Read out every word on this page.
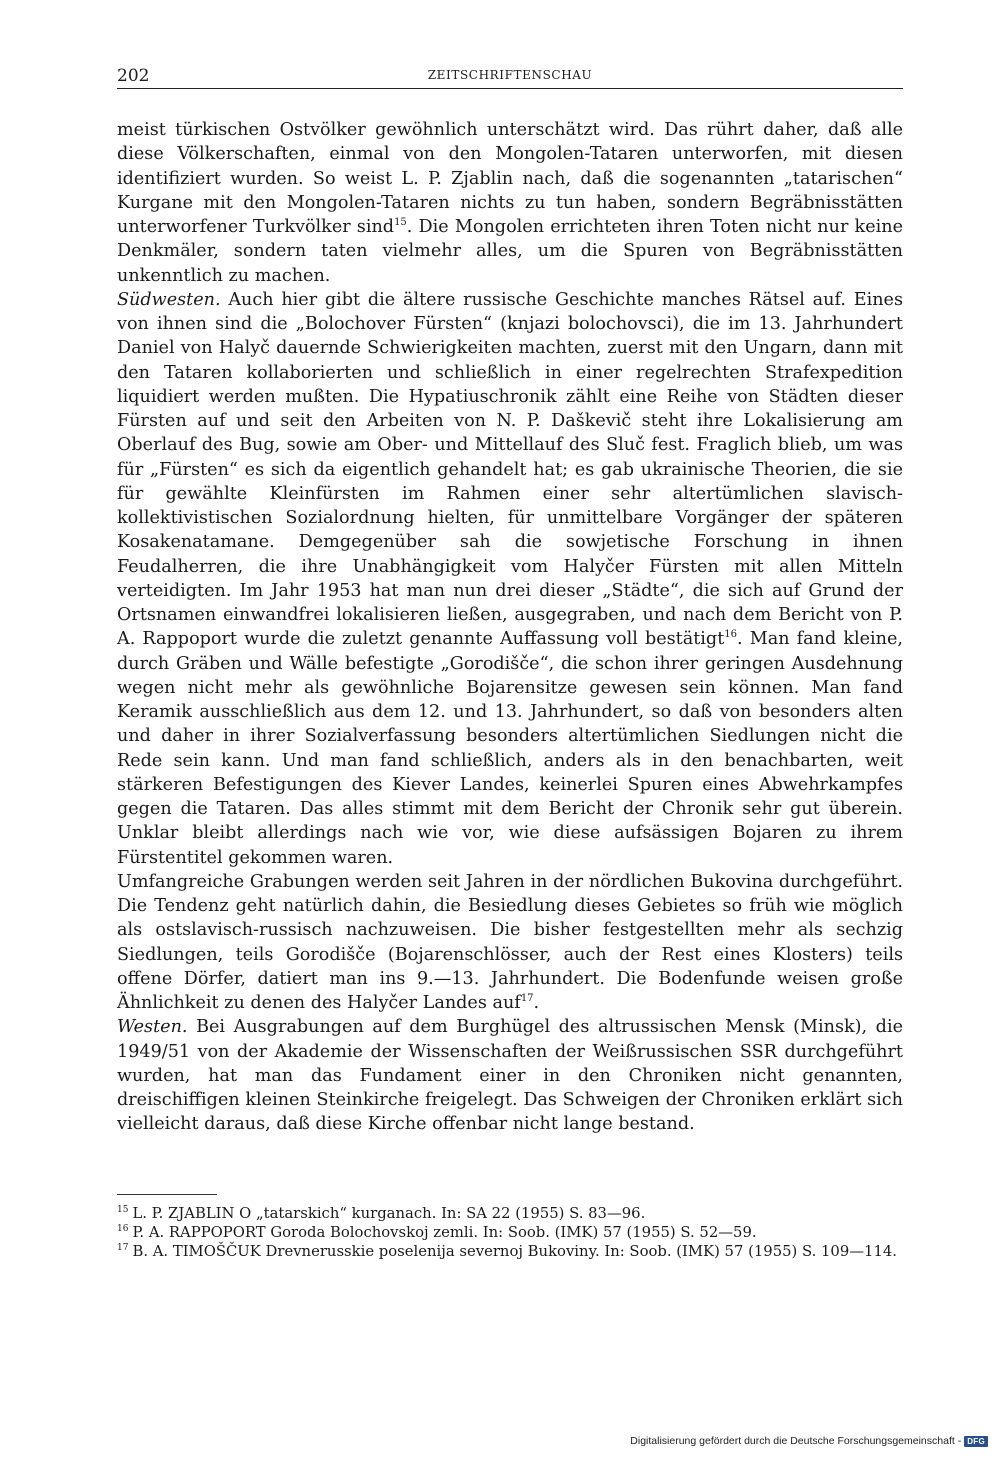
202	ZEITSCHRIFTENSCHAU

meist türkischen Ostvölker gewöhnlich unterschätzt wird. Das rührt daher, daß alle diese Völkerschaften, einmal von den Mongolen-Tataren unterworfen, mit diesen identifiziert wurden. So weist L. P. Zjablin nach, daß die sogenannten „tatarischen“ Kurgane mit den Mongolen-Tataren nichts zu tun haben, sondern Begräbnisstätten unterworfener Turkvölker sind$^{15}$. Die Mongolen errichteten ihren Toten nicht nur keine Denkmäler, sondern taten vielmehr alles, um die Spuren von Begräbnisstätten unkenntlich zu machen.

Südwesten. Auch hier gibt die ältere russische Geschichte manches Rätsel auf. Eines von ihnen sind die „Bolochover Fürsten“ (knjazi bolochovsci), die im 13. Jahrhundert Daniel von Halyč dauernde Schwierigkeiten machten, zuerst mit den Ungarn, dann mit den Tataren kollaborierten und schließlich in einer regelrechten Strafexpedition liquidiert werden mußten. Die Hypatiuschronik zählt eine Reihe von Städten dieser Fürsten auf und seit den Arbeiten von N. P. Daškevič steht ihre Lokalisierung am Oberlauf des Bug, sowie am Ober- und Mittellauf des Sluč fest. Fraglich blieb, um was für „Fürsten“ es sich da eigentlich gehandelt hat; es gab ukrainische Theorien, die sie für gewählte Kleinfürsten im Rahmen einer sehr altertümlichen slavisch-kollektivistischen Sozialordnung hielten, für unmittelbare Vorgänger der späteren Kosakenatamane. Demgegenüber sah die sowjetische Forschung in ihnen Feudalherren, die ihre Unabhängigkeit vom Halyčer Fürsten mit allen Mitteln verteidigten. Im Jahr 1953 hat man nun drei dieser „Städte“, die sich auf Grund der Ortsnamen einwandfrei lokalisieren ließen, ausgegraben, und nach dem Bericht von P. A. Rappoport wurde die zuletzt genannte Auffassung voll bestätigt$^{16}$. Man fand kleine, durch Gräben und Wälle befestigte „Gorodišče“, die schon ihrer geringen Ausdehnung wegen nicht mehr als gewöhnliche Bojarensitze gewesen sein können. Man fand Keramik ausschließlich aus dem 12. und 13. Jahrhundert, so daß von besonders alten und daher in ihrer Sozialverfassung besonders altertümlichen Siedlungen nicht die Rede sein kann. Und man fand schließlich, anders als in den benachbarten, weit stärkeren Befestigungen des Kiever Landes, keinerlei Spuren eines Abwehrkampfes gegen die Tataren. Das alles stimmt mit dem Bericht der Chronik sehr gut überein. Unklar bleibt allerdings nach wie vor, wie diese aufsässigen Bojaren zu ihrem Fürstentitel gekommen waren.

Umfangreiche Grabungen werden seit Jahren in der nördlichen Bukovina durchgeführt. Die Tendenz geht natürlich dahin, die Besiedlung dieses Gebietes so früh wie möglich als ostslavisch-russisch nachzuweisen. Die bisher festgestellten mehr als sechzig Siedlungen, teils Gorodišče (Bojarenschlösser, auch der Rest eines Klosters) teils offene Dörfer, datiert man ins 9.—13. Jahrhundert. Die Bodenfunde weisen große Ähnlichkeit zu denen des Halyčer Landes auf$^{17}$.

Westen. Bei Ausgrabungen auf dem Burghügel des altrussischen Mensk (Minsk), die 1949/51 von der Akademie der Wissenschaften der Weißrussischen SSR durchgeführt wurden, hat man das Fundament einer in den Chroniken nicht genannten, dreischiffigen kleinen Steinkirche freigelegt. Das Schweigen der Chroniken erklärt sich vielleicht daraus, daß diese Kirche offenbar nicht lange bestand.

$^{15}$ L. P. ZJABLIN O „tatarskich“ kurganach. In: SA 22 (1955) S. 83—96.

$^{16}$ P. A. RAPPOPORT Goroda Bolochovskoj zemli. In: Soob. (IMK) 57 (1955) S. 52—59.

$^{17}$ B. A. TIMOŠČUK Drevnerusskie poselenija severnoj Bukoviny. In: Soob. (IMK) 57 (1955) S. 109—114.

Digitalisierung gefördert durch die Deutsche Forschungsgemeinschaft - DFG
